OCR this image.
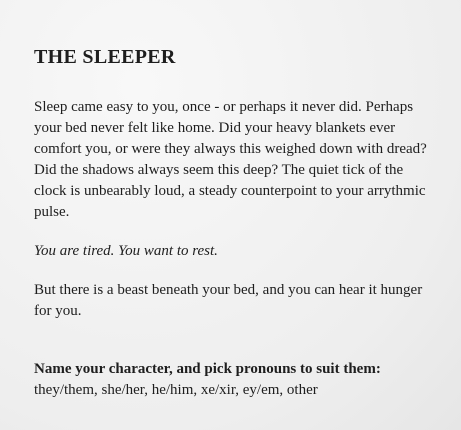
THE SLEEPER

Sleep came easy to you, once - or perhaps it never did. Perhaps your bed never felt like home. Did your heavy blankets ever comfort you, or were they always this weighed down with dread? Did the shadows always seem this deep? The quiet tick of the clock is unbearably loud, a steady counterpoint to your arrythmic pulse.

You are tired. You want to rest.

But there is a beast beneath your bed, and you can hear it hunger for you.

Name your character, and pick pronouns to suit them:

they/them, she/her, he/him, xe/xir, ey/em, other
